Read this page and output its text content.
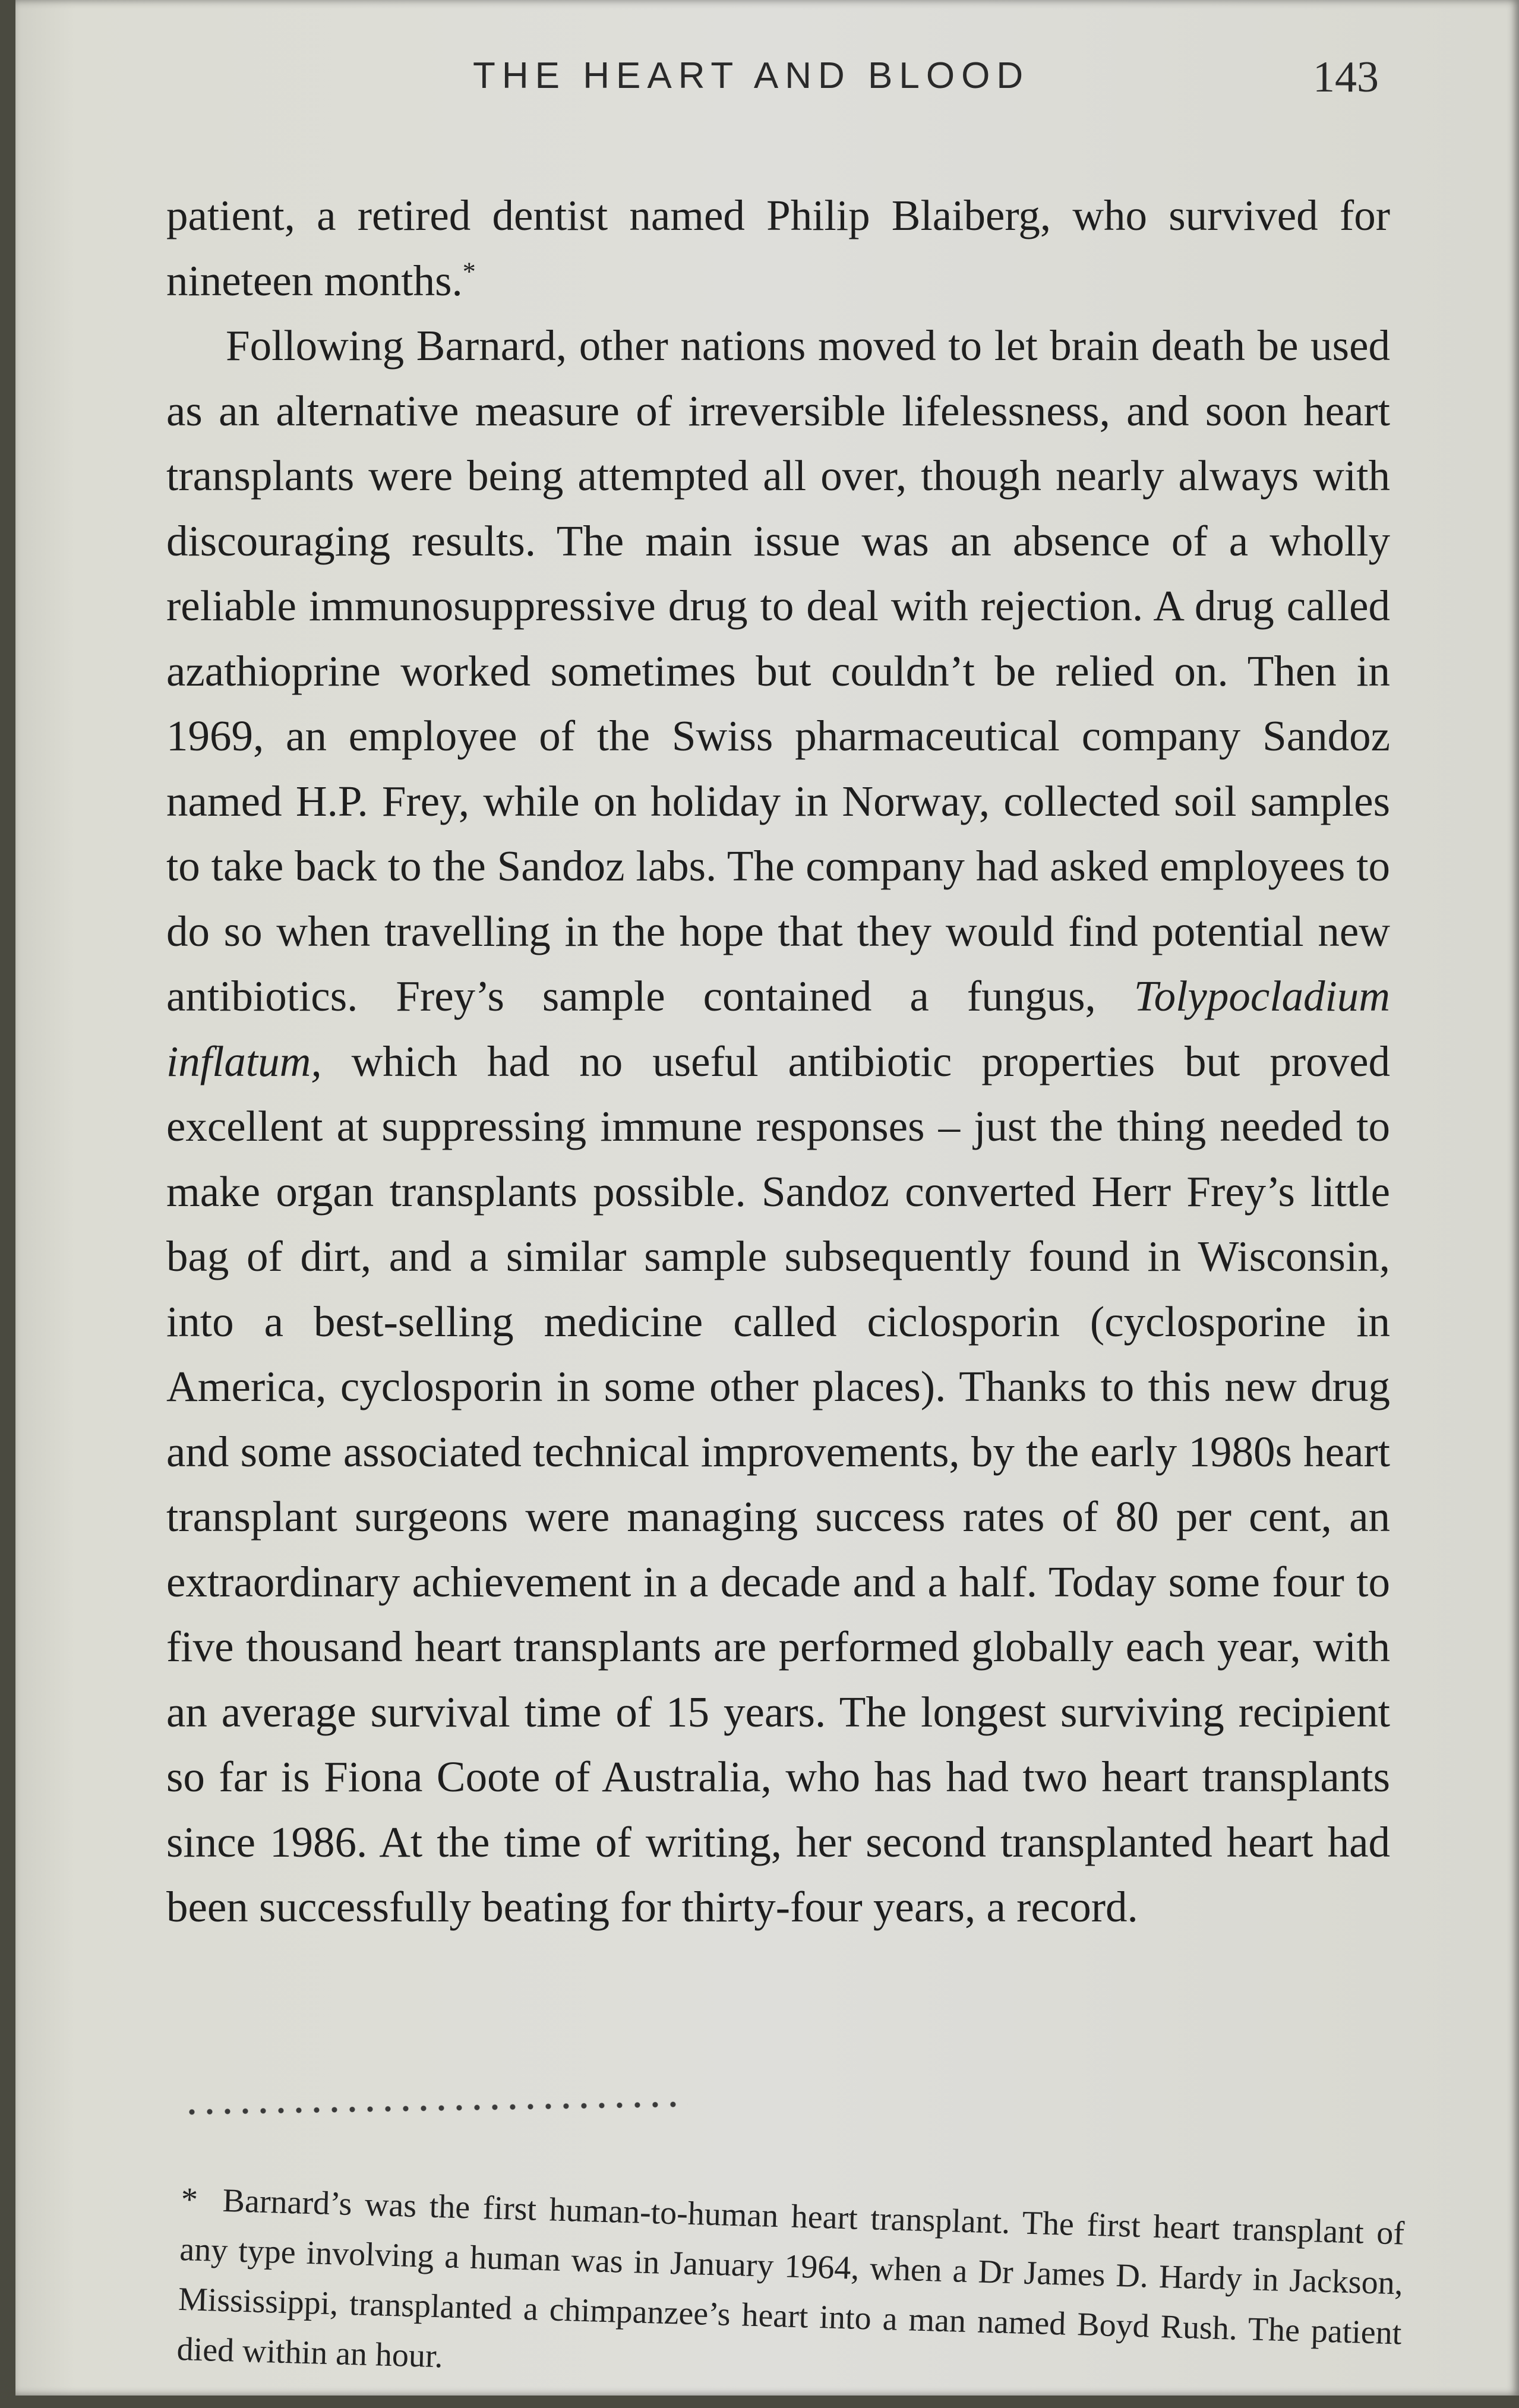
THE HEART AND BLOOD	143

patient, a retired dentist named Philip Blaiberg, who survived for nineteen months.*

Following Barnard, other nations moved to let brain death be used as an alternative measure of irreversible lifelessness, and soon heart transplants were being attempted all over, though nearly always with discouraging results. The main issue was an absence of a wholly reliable immunosuppressive drug to deal with rejection. A drug called azathioprine worked sometimes but couldn’t be relied on. Then in 1969, an employee of the Swiss pharmaceutical company Sandoz named H.P. Frey, while on holiday in Norway, collected soil samples to take back to the Sandoz labs. The company had asked employees to do so when travelling in the hope that they would find potential new antibiotics. Frey’s sample contained a fungus, Tolypocladium inflatum, which had no useful antibiotic properties but proved excellent at suppressing immune responses – just the thing needed to make organ transplants possible. Sandoz converted Herr Frey’s little bag of dirt, and a similar sample subsequently found in Wisconsin, into a best-selling medicine called ciclosporin (cyclosporine in America, cyclosporin in some other places). Thanks to this new drug and some associated technical improvements, by the early 1980s heart transplant surgeons were managing success rates of 80 per cent, an extraordinary achievement in a decade and a half. Today some four to five thousand heart transplants are performed globally each year, with an average survival time of 15 years. The longest surviving recipient so far is Fiona Coote of Australia, who has had two heart transplants since 1986. At the time of writing, her second transplanted heart had been successfully beating for thirty-four years, a record.

* Barnard’s was the first human-to-human heart transplant. The first heart transplant of any type involving a human was in January 1964, when a Dr James D. Hardy in Jackson, Mississippi, transplanted a chimpanzee’s heart into a man named Boyd Rush. The patient died within an hour.
